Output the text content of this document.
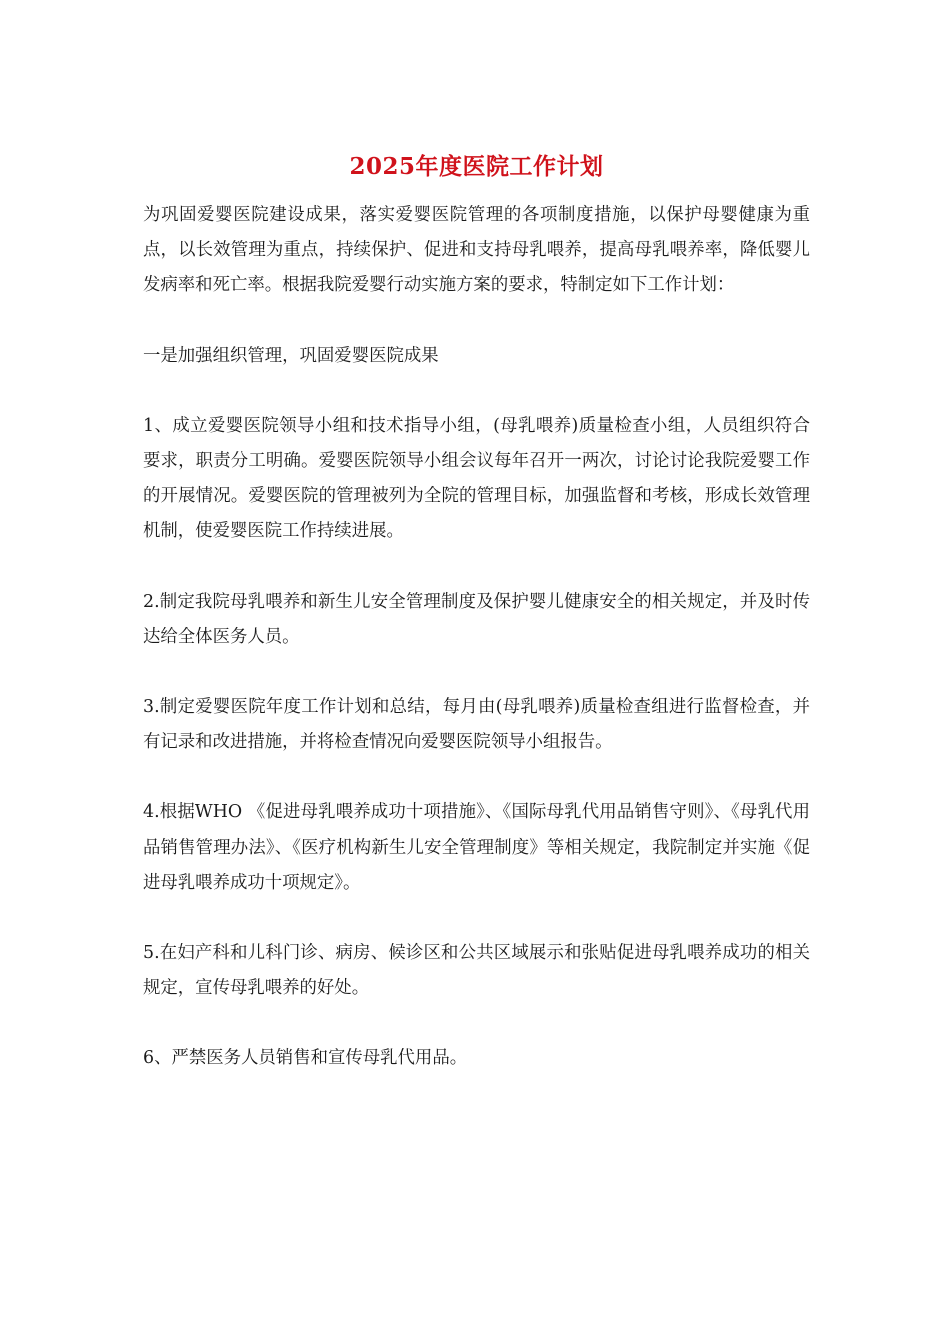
2025年度医院工作计划

为巩固爱婴医院建设成果，落实爱婴医院管理的各项制度措施，以保护母婴健康为重点，以长效管理为重点，持续保护、促进和支持母乳喂养，提高母乳喂养率，降低婴儿发病率和死亡率。根据我院爱婴行动实施方案的要求，特制定如下工作计划：

一是加强组织管理，巩固爱婴医院成果

1、成立爱婴医院领导小组和技术指导小组，(母乳喂养)质量检查小组，人员组织符合要求，职责分工明确。爱婴医院领导小组会议每年召开一两次，讨论讨论我院爱婴工作的开展情况。爱婴医院的管理被列为全院的管理目标，加强监督和考核，形成长效管理机制，使爱婴医院工作持续进展。

2.制定我院母乳喂养和新生儿安全管理制度及保护婴儿健康安全的相关规定，并及时传达给全体医务人员。

3.制定爱婴医院年度工作计划和总结，每月由(母乳喂养)质量检查组进行监督检查，并有记录和改进措施，并将检查情况向爱婴医院领导小组报告。

4.根据WHO 《促进母乳喂养成功十项措施》、《国际母乳代用品销售守则》、《母乳代用品销售管理办法》、《医疗机构新生儿安全管理制度》等相关规定，我院制定并实施《促进母乳喂养成功十项规定》。

5.在妇产科和儿科门诊、病房、候诊区和公共区域展示和张贴促进母乳喂养成功的相关规定，宣传母乳喂养的好处。

6、严禁医务人员销售和宣传母乳代用品。
